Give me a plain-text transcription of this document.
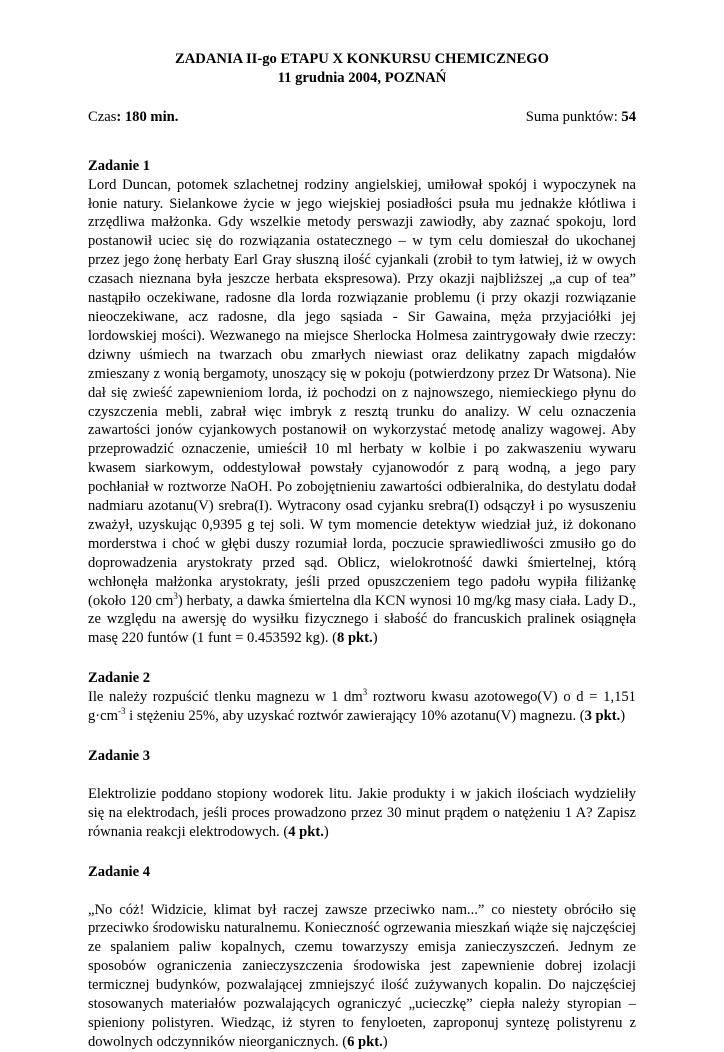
ZADANIA II-go ETAPU X KONKURSU CHEMICZNEGO
11 grudnia 2004, POZNAŃ
Czas: 180 min.	Suma punktów: 54

Zadanie 1

Lord Duncan, potomek szlachetnej rodziny angielskiej, umiłował spokój i wypoczynek na łonie natury. Sielankowe życie w jego wiejskiej posiadłości psuła mu jednakże kłótliwa i zrzędliwa małżonka. Gdy wszelkie metody perswazji zawiodły, aby zaznać spokoju, lord postanowił uciec się do rozwiązania ostatecznego – w tym celu domieszał do ukochanej przez jego żonę herbaty Earl Gray słuszną ilość cyjankali (zrobił to tym łatwiej, iż w owych czasach nieznana była jeszcze herbata ekspresowa). Przy okazji najbliższej „a cup of tea” nastąpiło oczekiwane, radosne dla lorda rozwiązanie problemu (i przy okazji rozwiązanie nieoczekiwane, acz radosne, dla jego sąsiada - Sir Gawaina, męża przyjaciółki jej lordowskiej mości). Wezwanego na miejsce Sherlocka Holmesa zaintrygowały dwie rzeczy: dziwny uśmiech na twarzach obu zmarłych niewiast oraz delikatny zapach migdałów zmieszany z wonią bergamoty, unoszący się w pokoju (potwierdzony przez Dr Watsona). Nie dał się zwieść zapewnieniom lorda, iż pochodzi on z najnowszego, niemieckiego płynu do czyszczenia mebli, zabrał więc imbryk z resztą trunku do analizy. W celu oznaczenia zawartości jonów cyjankowych postanowił on wykorzystać metodę analizy wagowej. Aby przeprowadzić oznaczenie, umieścił 10 ml herbaty w kolbie i po zakwaszeniu wywaru kwasem siarkowym, oddestylował powstały cyjanowodór z parą wodną, a jego pary pochłaniał w roztworze NaOH. Po zobojętnieniu zawartości odbieralnika, do destylatu dodał nadmiaru azotanu(V) srebra(I). Wytracony osad cyjanku srebra(I) odsączył i po wysuszeniu zważył, uzyskując 0,9395 g tej soli. W tym momencie detektyw wiedział już, iż dokonano morderstwa i choć w głębi duszy rozumiał lorda, poczucie sprawiedliwości zmusiło go do doprowadzenia arystokraty przed sąd. Oblicz, wielokrotność dawki śmiertelnej, którą wchłonęła małżonka arystokraty, jeśli przed opuszczeniem tego padołu wypiła filiżankę (około 120 $cm^3$) herbaty, a dawka śmiertelna dla KCN wynosi 10 mg/kg masy ciała. Lady D., ze względu na awersję do wysiłku fizycznego i słabość do francuskich pralinek osiągnęła masę 220 funtów (1 funt = 0.453592 kg). (8 pkt.)

Zadanie 2

Ile należy rozpuścić tlenku magnezu w 1 $dm^3$ roztworu kwasu azotowego(V) o d = 1,151 $g\cdot cm^{-3}$ i stężeniu 25%, aby uzyskać roztwór zawierający 10% azotanu(V) magnezu. (3 pkt.)

Zadanie 3

Elektrolizie poddano stopiony wodorek litu. Jakie produkty i w jakich ilościach wydzieliły się na elektrodach, jeśli proces prowadzono przez 30 minut prądem o natężeniu 1 A? Zapisz równania reakcji elektrodowych. (4 pkt.)

Zadanie 4

„No cóż! Widzicie, klimat był raczej zawsze przeciwko nam...” co niestety obróciło się przeciwko środowisku naturalnemu. Konieczność ogrzewania mieszkań wiąże się najczęściej ze spalaniem paliw kopalnych, czemu towarzyszy emisja zanieczyszczeń. Jednym ze sposobów ograniczenia zanieczyszczenia środowiska jest zapewnienie dobrej izolacji termicznej budynków, pozwalającej zmniejszyć ilość zużywanych kopalin. Do najczęściej stosowanych materiałów pozwalających ograniczyć „ucieczkę” ciepła należy styropian – spieniony polistyren. Wiedząc, iż styren to fenyloeten, zaproponuj syntezę polistyrenu z dowolnych odczynników nieorganicznych. (6 pkt.)
